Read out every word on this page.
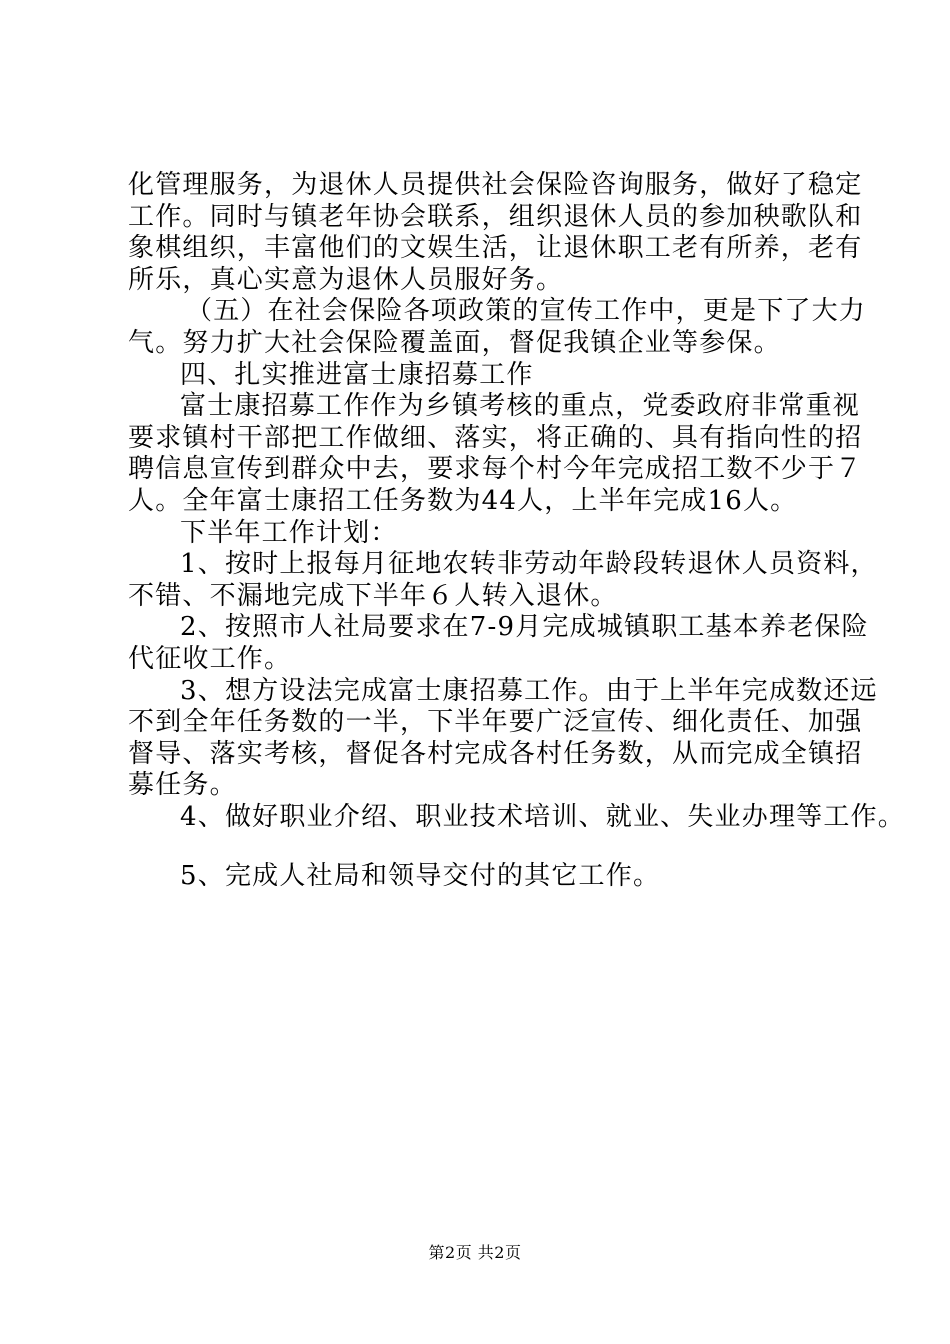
化管理服务，为退休人员提供社会保险咨询服务，做好了稳定
工作。同时与镇老年协会联系，组织退休人员的参加秧歌队和
象棋组织，丰富他们的文娱生活，让退休职工老有所养，老有
所乐，真心实意为退休人员服好务。
（五）在社会保险各项政策的宣传工作中，更是下了大力
气。努力扩大社会保险覆盖面，督促我镇企业等参保。
四、扎实推进富士康招募工作
富士康招募工作作为乡镇考核的重点，党委政府非常重视
要求镇村干部把工作做细、落实，将正确的、具有指向性的招
聘信息宣传到群众中去，要求每个村今年完成招工数不少于７
人。全年富士康招工任务数为44人，上半年完成16人。
下半年工作计划：
1、按时上报每月征地农转非劳动年龄段转退休人员资料，
不错、不漏地完成下半年６人转入退休。
2、按照市人社局要求在7-9月完成城镇职工基本养老保险
代征收工作。
3、想方设法完成富士康招募工作。由于上半年完成数还远
不到全年任务数的一半，下半年要广泛宣传、细化责任、加强
督导、落实考核，督促各村完成各村任务数，从而完成全镇招
募任务。
4、做好职业介绍、职业技术培训、就业、失业办理等工作。
5、完成人社局和领导交付的其它工作。
第2页 共2页
